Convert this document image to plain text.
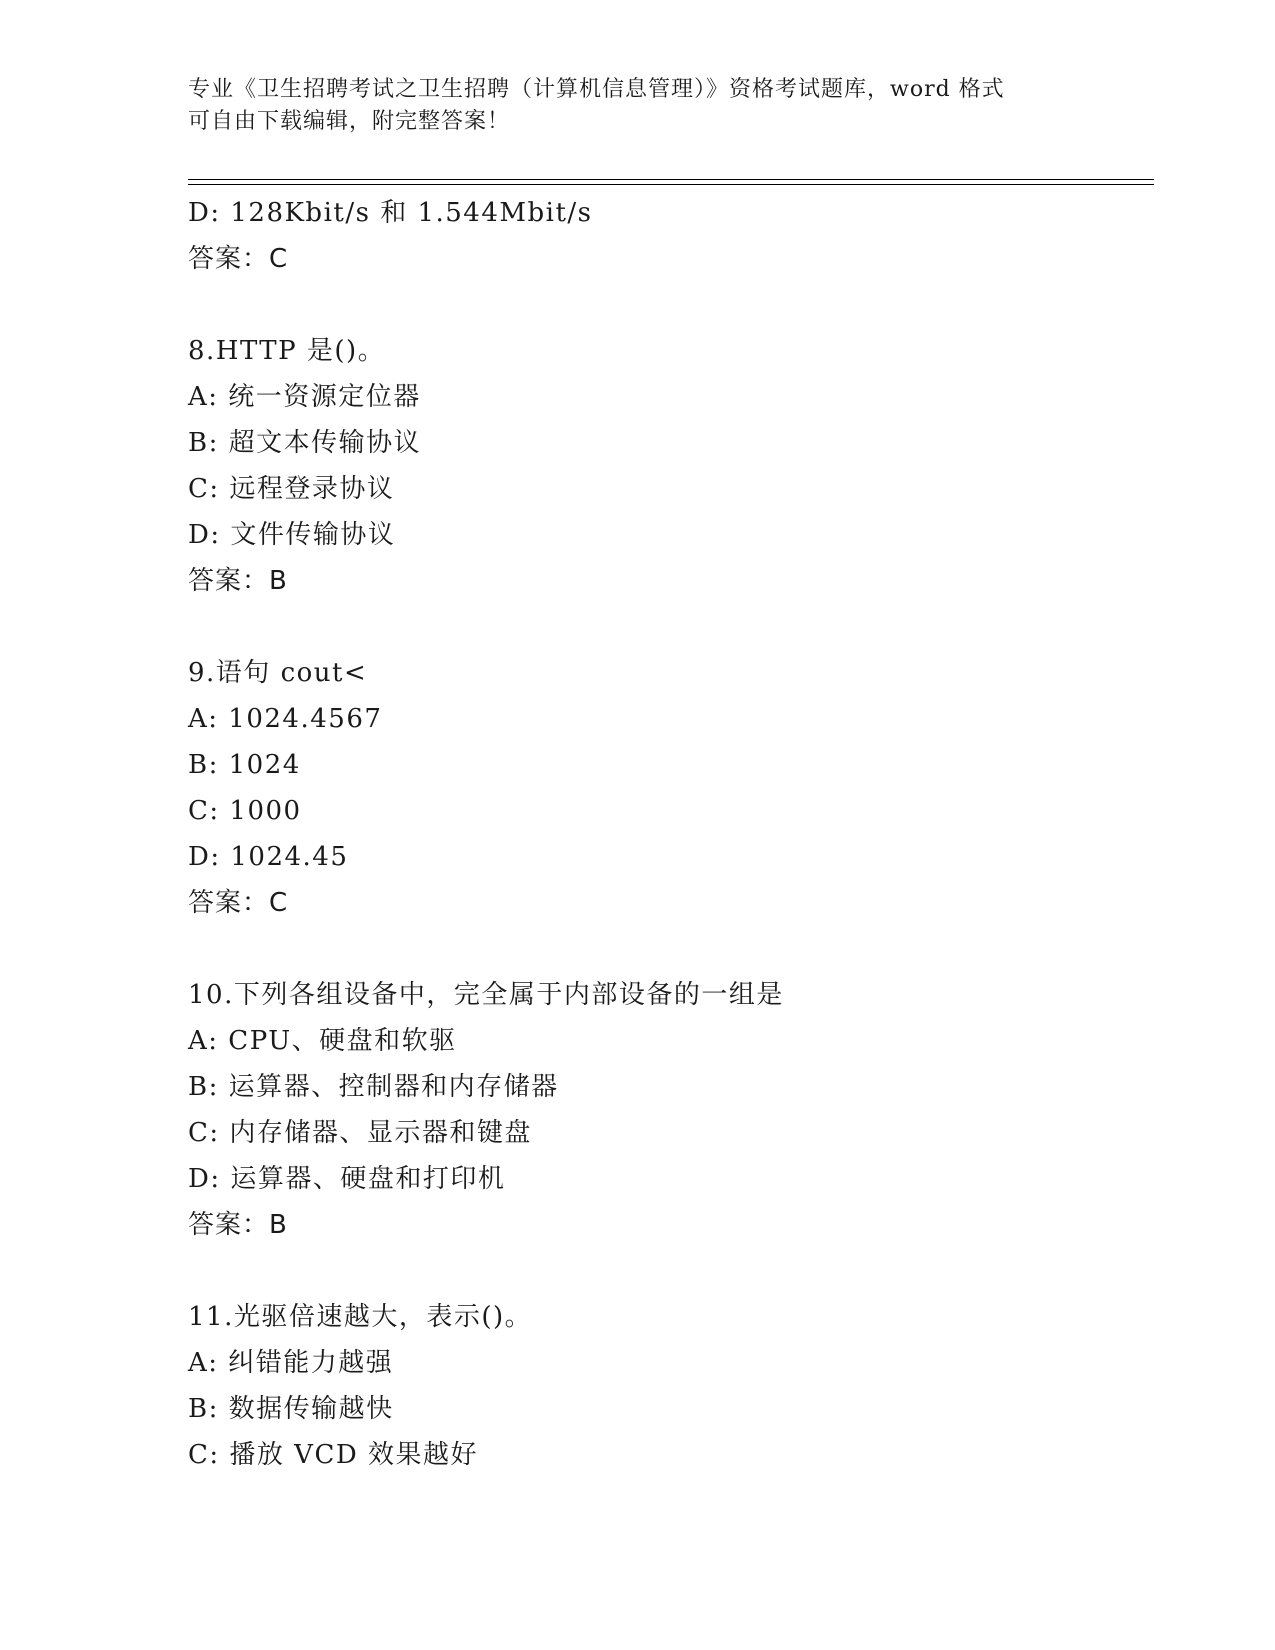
专业《卫生招聘考试之卫生招聘（计算机信息管理）》资格考试题库，word 格式
可自由下载编辑，附完整答案！
D: 128Kbit/s 和 1.544Mbit/s
答案：C
8.HTTP 是()。
A: 统一资源定位器
B: 超文本传输协议
C: 远程登录协议
D: 文件传输协议
答案：B
9.语句 cout<
A: 1024.4567
B: 1024
C: 1000
D: 1024.45
答案：C
10.下列各组设备中，完全属于内部设备的一组是
A: CPU、硬盘和软驱
B: 运算器、控制器和内存储器
C: 内存储器、显示器和键盘
D: 运算器、硬盘和打印机
答案：B
11.光驱倍速越大，表示()。
A: 纠错能力越强
B: 数据传输越快
C: 播放 VCD 效果越好
